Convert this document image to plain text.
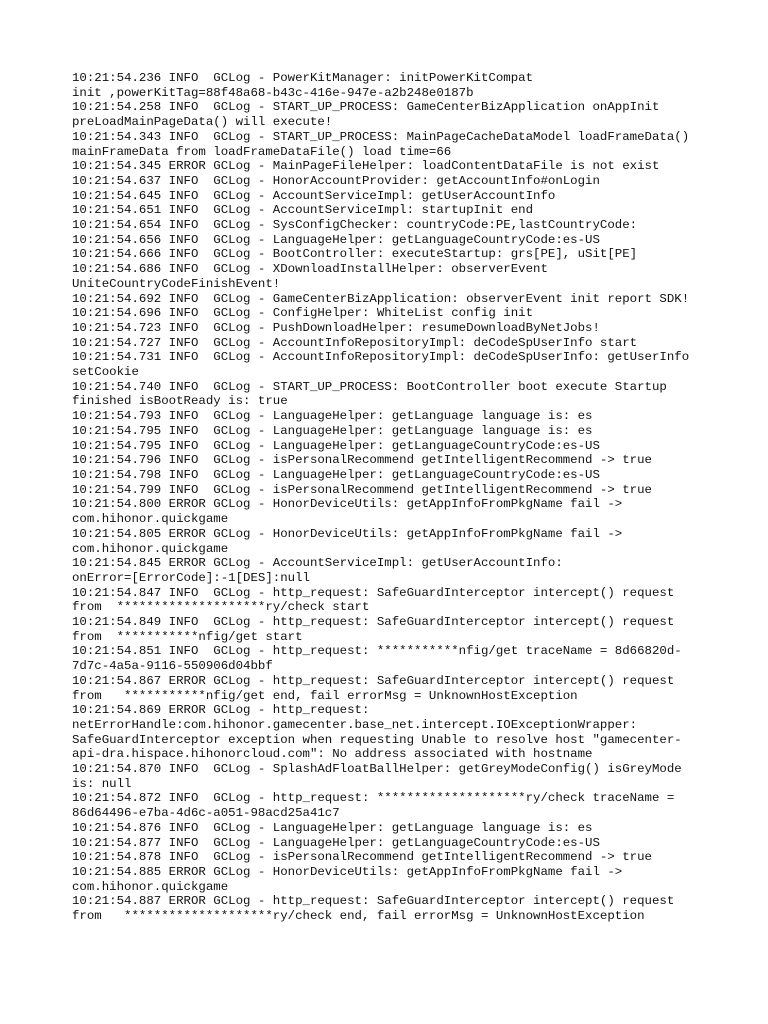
10:21:54.236 INFO  GCLog - PowerKitManager: initPowerKitCompat
init ,powerKitTag=88f48a68-b43c-416e-947e-a2b248e0187b
10:21:54.258 INFO  GCLog - START_UP_PROCESS: GameCenterBizApplication onAppInit
preLoadMainPageData() will execute!
10:21:54.343 INFO  GCLog - START_UP_PROCESS: MainPageCacheDataModel loadFrameData()
mainFrameData from loadFrameDataFile() load time=66
10:21:54.345 ERROR GCLog - MainPageFileHelper: loadContentDataFile is not exist
10:21:54.637 INFO  GCLog - HonorAccountProvider: getAccountInfo#onLogin
10:21:54.645 INFO  GCLog - AccountServiceImpl: getUserAccountInfo
10:21:54.651 INFO  GCLog - AccountServiceImpl: startupInit end
10:21:54.654 INFO  GCLog - SysConfigChecker: countryCode:PE,lastCountryCode:
10:21:54.656 INFO  GCLog - LanguageHelper: getLanguageCountryCode:es-US
10:21:54.666 INFO  GCLog - BootController: executeStartup: grs[PE], uSit[PE]
10:21:54.686 INFO  GCLog - XDownloadInstallHelper: observerEvent
UniteCountryCodeFinishEvent!
10:21:54.692 INFO  GCLog - GameCenterBizApplication: observerEvent init report SDK!
10:21:54.696 INFO  GCLog - ConfigHelper: WhiteList config init
10:21:54.723 INFO  GCLog - PushDownloadHelper: resumeDownloadByNetJobs!
10:21:54.727 INFO  GCLog - AccountInfoRepositoryImpl: deCodeSpUserInfo start
10:21:54.731 INFO  GCLog - AccountInfoRepositoryImpl: deCodeSpUserInfo: getUserInfo
setCookie
10:21:54.740 INFO  GCLog - START_UP_PROCESS: BootController boot execute Startup
finished isBootReady is: true
10:21:54.793 INFO  GCLog - LanguageHelper: getLanguage language is: es
10:21:54.795 INFO  GCLog - LanguageHelper: getLanguage language is: es
10:21:54.795 INFO  GCLog - LanguageHelper: getLanguageCountryCode:es-US
10:21:54.796 INFO  GCLog - isPersonalRecommend getIntelligentRecommend -> true
10:21:54.798 INFO  GCLog - LanguageHelper: getLanguageCountryCode:es-US
10:21:54.799 INFO  GCLog - isPersonalRecommend getIntelligentRecommend -> true
10:21:54.800 ERROR GCLog - HonorDeviceUtils: getAppInfoFromPkgName fail ->
com.hihonor.quickgame
10:21:54.805 ERROR GCLog - HonorDeviceUtils: getAppInfoFromPkgName fail ->
com.hihonor.quickgame
10:21:54.845 ERROR GCLog - AccountServiceImpl: getUserAccountInfo:
onError=[ErrorCode]:-1[DES]:null
10:21:54.847 INFO  GCLog - http_request: SafeGuardInterceptor intercept() request
from  ********************ry/check start
10:21:54.849 INFO  GCLog - http_request: SafeGuardInterceptor intercept() request
from  ***********nfig/get start
10:21:54.851 INFO  GCLog - http_request: ***********nfig/get traceName = 8d66820d-
7d7c-4a5a-9116-550906d04bbf
10:21:54.867 ERROR GCLog - http_request: SafeGuardInterceptor intercept() request
from   ***********nfig/get end, fail errorMsg = UnknownHostException
10:21:54.869 ERROR GCLog - http_request:
netErrorHandle:com.hihonor.gamecenter.base_net.intercept.IOExceptionWrapper:
SafeGuardInterceptor exception when requesting Unable to resolve host "gamecenter-
api-dra.hispace.hihonorcloud.com": No address associated with hostname
10:21:54.870 INFO  GCLog - SplashAdFloatBallHelper: getGreyModeConfig() isGreyMode
is: null
10:21:54.872 INFO  GCLog - http_request: ********************ry/check traceName =
86d64496-e7ba-4d6c-a051-98acd25a41c7
10:21:54.876 INFO  GCLog - LanguageHelper: getLanguage language is: es
10:21:54.877 INFO  GCLog - LanguageHelper: getLanguageCountryCode:es-US
10:21:54.878 INFO  GCLog - isPersonalRecommend getIntelligentRecommend -> true
10:21:54.885 ERROR GCLog - HonorDeviceUtils: getAppInfoFromPkgName fail ->
com.hihonor.quickgame
10:21:54.887 ERROR GCLog - http_request: SafeGuardInterceptor intercept() request
from   ********************ry/check end, fail errorMsg = UnknownHostException
